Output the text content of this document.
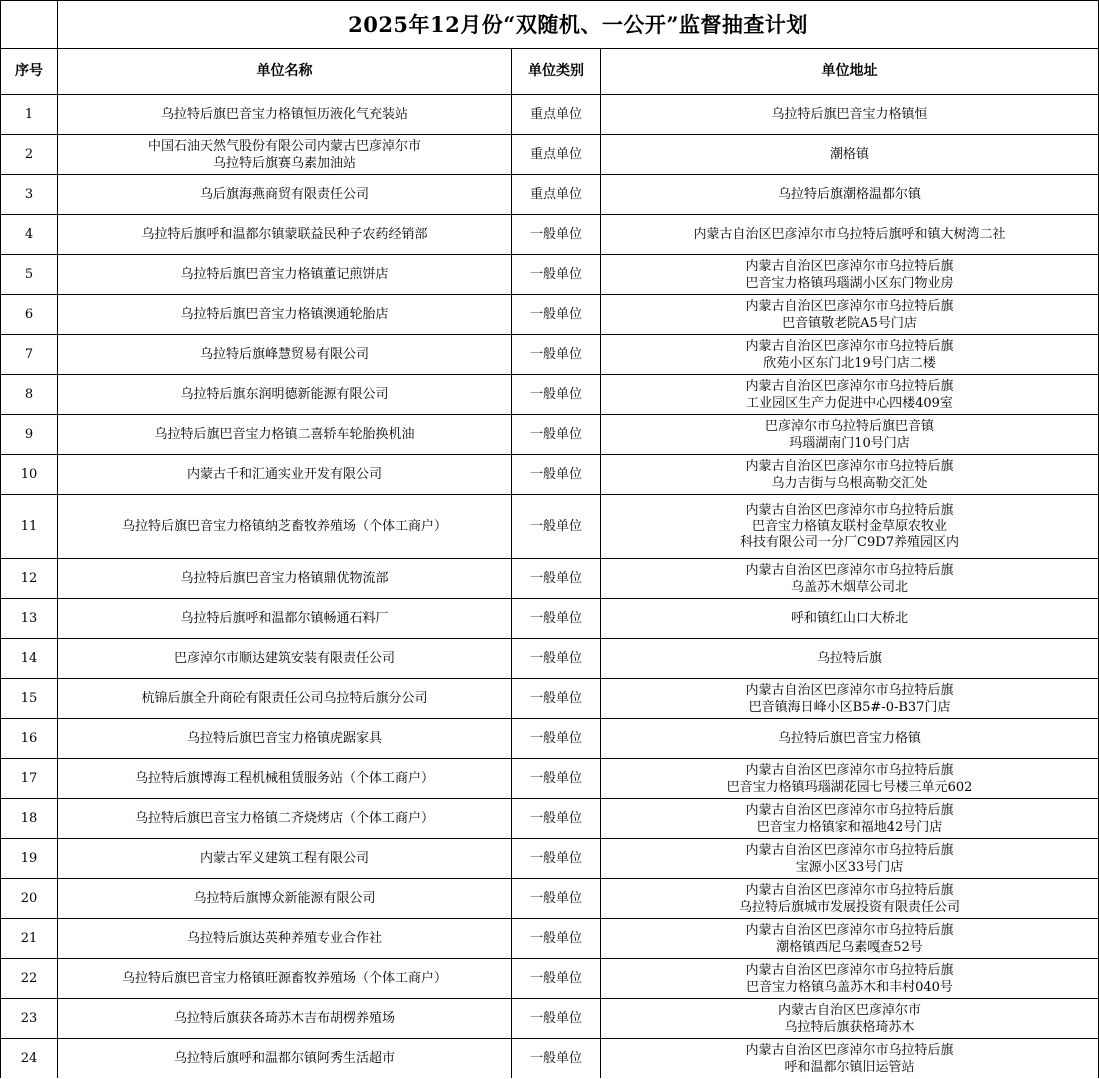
	2025年12月份“双随机、一公开”监督抽查计划		
序号	单位名称	单位类别	单位地址
1	乌拉特后旗巴音宝力格镇恒历液化气充装站	重点单位	乌拉特后旗巴音宝力格镇恒
2	中国石油天然气股份有限公司内蒙古巴彦淖尔市
乌拉特后旗赛乌素加油站	重点单位	潮格镇
3	乌后旗海燕商贸有限责任公司	重点单位	乌拉特后旗潮格温都尔镇
4	乌拉特后旗呼和温都尔镇蒙联益民种子农药经销部	一般单位	内蒙古自治区巴彦淖尔市乌拉特后旗呼和镇大树湾二社
5	乌拉特后旗巴音宝力格镇董记煎饼店	一般单位	内蒙古自治区巴彦淖尔市乌拉特后旗
巴音宝力格镇玛瑙湖小区东门物业房
6	乌拉特后旗巴音宝力格镇澳通轮胎店	一般单位	内蒙古自治区巴彦淖尔市乌拉特后旗
巴音镇敬老院A5号门店
7	乌拉特后旗峰慧贸易有限公司	一般单位	内蒙古自治区巴彦淖尔市乌拉特后旗
欣苑小区东门北19号门店二楼
8	乌拉特后旗东润明德新能源有限公司	一般单位	内蒙古自治区巴彦淖尔市乌拉特后旗
工业园区生产力促进中心四楼409室
9	乌拉特后旗巴音宝力格镇二喜轿车轮胎换机油	一般单位	巴彦淖尔市乌拉特后旗巴音镇
玛瑙湖南门10号门店
10	内蒙古千和汇通实业开发有限公司	一般单位	内蒙古自治区巴彦淖尔市乌拉特后旗
乌力吉街与乌根高勒交汇处
11	乌拉特后旗巴音宝力格镇纳芝畜牧养殖场（个体工商户）	一般单位	内蒙古自治区巴彦淖尔市乌拉特后旗
巴音宝力格镇友联村金草原农牧业
科技有限公司一分厂C9D7养殖园区内
12	乌拉特后旗巴音宝力格镇鼎优物流部	一般单位	内蒙古自治区巴彦淖尔市乌拉特后旗
乌盖苏木烟草公司北
13	乌拉特后旗呼和温都尔镇畅通石料厂	一般单位	呼和镇红山口大桥北
14	巴彦淖尔市顺达建筑安装有限责任公司	一般单位	乌拉特后旗
15	杭锦后旗全升商砼有限责任公司乌拉特后旗分公司	一般单位	内蒙古自治区巴彦淖尔市乌拉特后旗
巴音镇海日峰小区B5#-0-B37门店
16	乌拉特后旗巴音宝力格镇虎踞家具	一般单位	乌拉特后旗巴音宝力格镇
17	乌拉特后旗博海工程机械租赁服务站（个体工商户）	一般单位	内蒙古自治区巴彦淖尔市乌拉特后旗
巴音宝力格镇玛瑙湖花园七号楼三单元602
18	乌拉特后旗巴音宝力格镇二齐烧烤店（个体工商户）	一般单位	内蒙古自治区巴彦淖尔市乌拉特后旗
巴音宝力格镇家和福地42号门店
19	内蒙古军义建筑工程有限公司	一般单位	内蒙古自治区巴彦淖尔市乌拉特后旗
宝源小区33号门店
20	乌拉特后旗博众新能源有限公司	一般单位	内蒙古自治区巴彦淖尔市乌拉特后旗
乌拉特后旗城市发展投资有限责任公司
21	乌拉特后旗达英种养殖专业合作社	一般单位	内蒙古自治区巴彦淖尔市乌拉特后旗
潮格镇西尼乌素嘎查52号
22	乌拉特后旗巴音宝力格镇旺源畜牧养殖场（个体工商户）	一般单位	内蒙古自治区巴彦淖尔市乌拉特后旗
巴音宝力格镇乌盖苏木和丰村040号
23	乌拉特后旗获各琦苏木吉布胡楞养殖场	一般单位	内蒙古自治区巴彦淖尔市
乌拉特后旗获格琦苏木
24	乌拉特后旗呼和温都尔镇阿秀生活超市	一般单位	内蒙古自治区巴彦淖尔市乌拉特后旗
呼和温都尔镇旧运管站
